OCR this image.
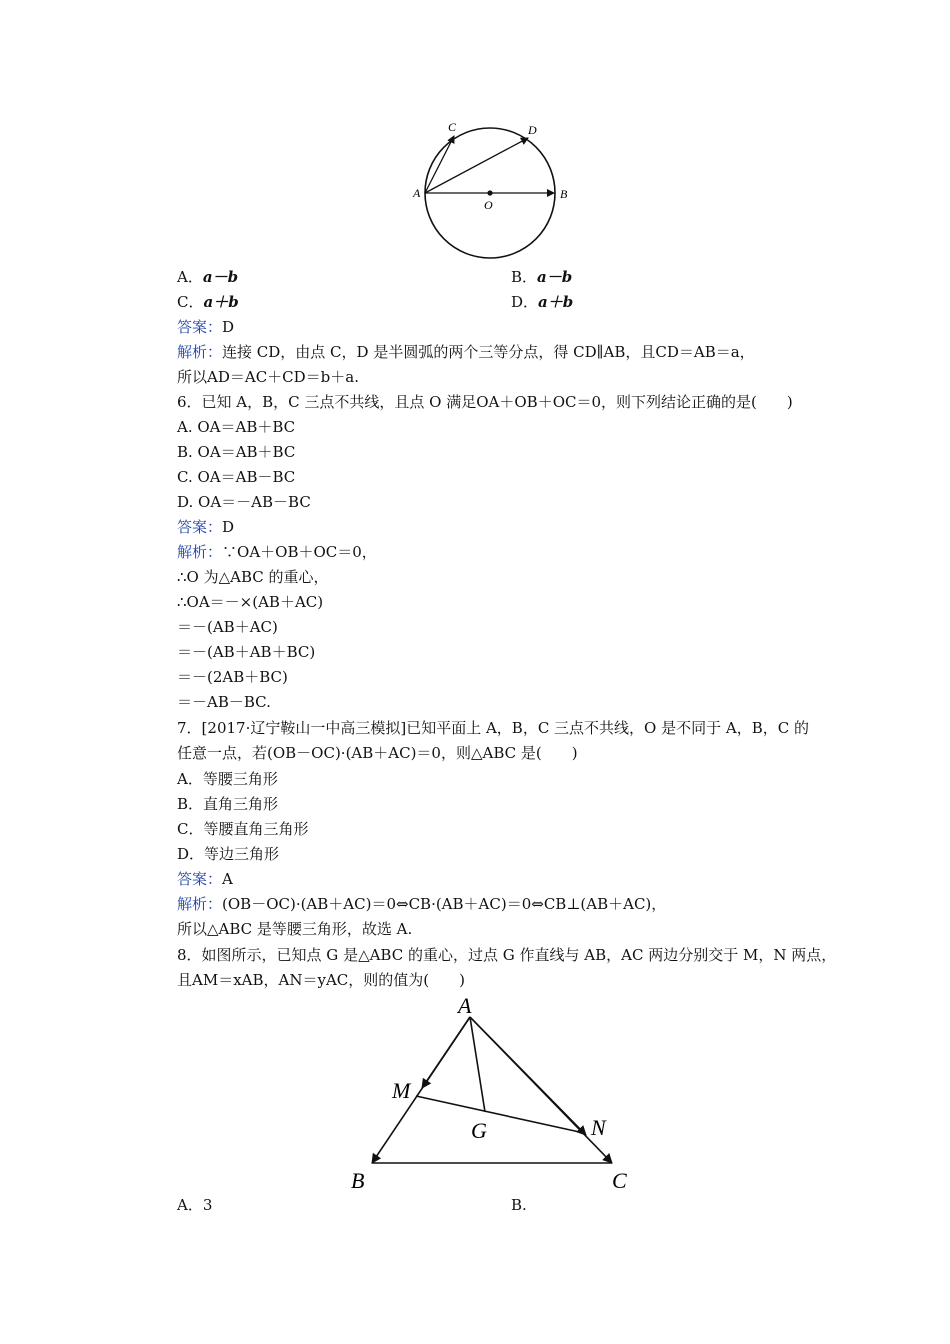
A	B
C	D
O
A．a－b	B．a－b
C．a＋b	D．a＋b
答案：D
解析：连接 CD，由点 C，D 是半圆弧的两个三等分点，得 CD∥AB，且CD＝AB＝a，
所以AD＝AC＋CD＝b＋a.
6．已知 A，B，C 三点不共线，且点 O 满足OA＋OB＋OC＝0，则下列结论正确的是(　　)
A. OA＝AB＋BC
B. OA＝AB＋BC
C. OA＝AB－BC
D. OA＝－AB－BC
答案：D
解析：∵OA＋OB＋OC＝0，
∴O 为△ABC 的重心，
∴OA＝－×(AB＋AC)
＝－(AB＋AC)
＝－(AB＋AB＋BC)
＝－(2AB＋BC)
＝－AB－BC.
7．[2017·辽宁鞍山一中高三模拟]已知平面上 A，B，C 三点不共线，O 是不同于 A，B，C 的
任意一点，若(OB－OC)·(AB＋AC)＝0，则△ABC 是(　　)
A．等腰三角形
B．直角三角形
C．等腰直角三角形
D．等边三角形
答案：A
解析：(OB－OC)·(AB＋AC)＝0⇔CB·(AB＋AC)＝0⇔CB⊥(AB＋AC)，
所以△ABC 是等腰三角形，故选 A.
8．如图所示，已知点 G 是△ABC 的重心，过点 G 作直线与 AB，AC 两边分别交于 M，N 两点，
且AM＝xAB，AN＝yAC，则的值为(　　)
A
M
G	N
B	C
A．3	B.
